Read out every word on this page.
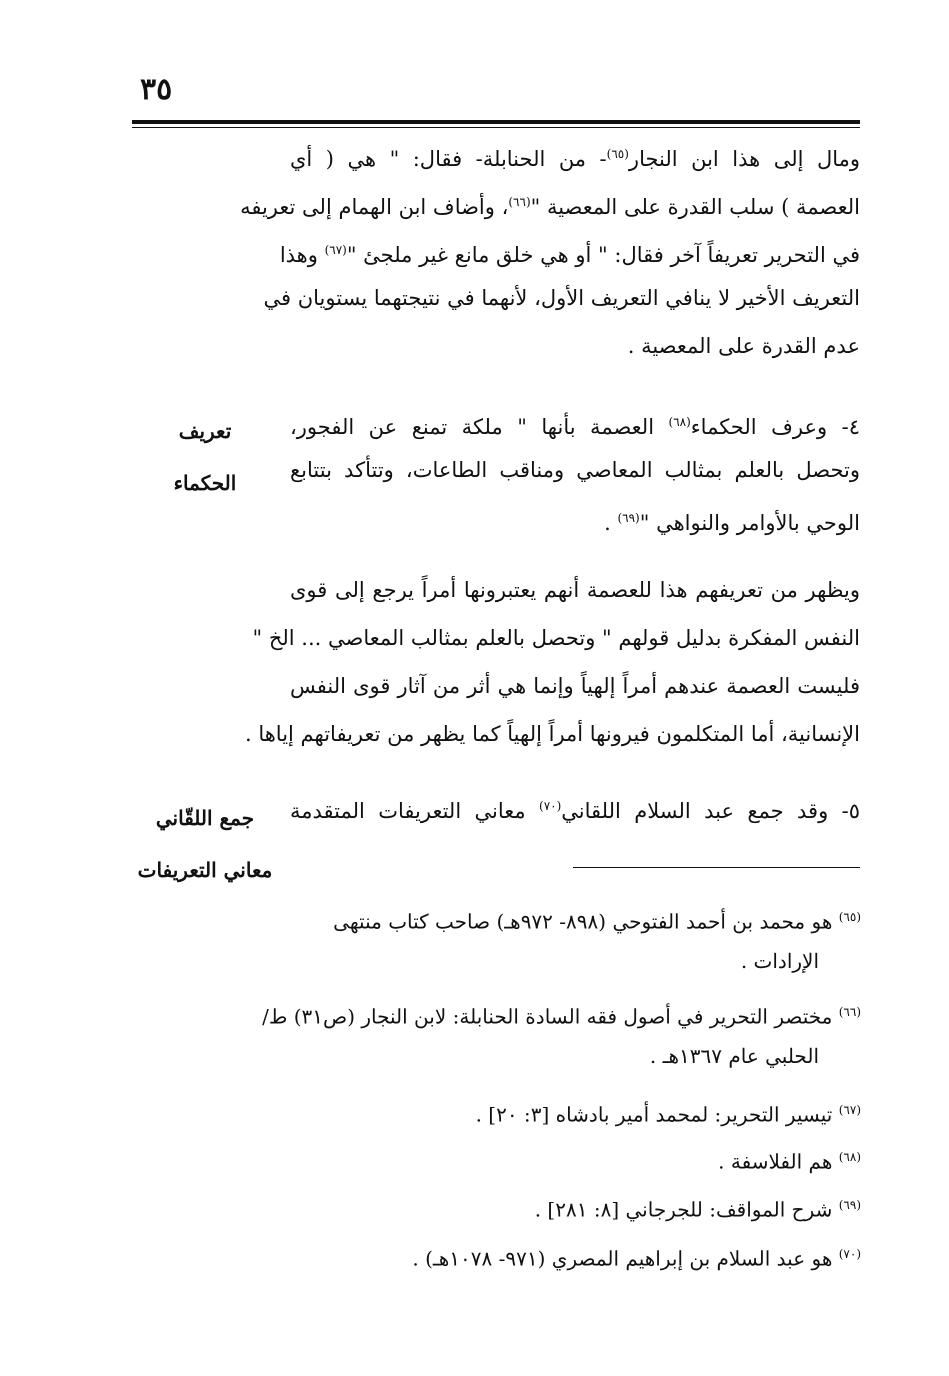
٣٥
ومال إلى هذا ابن النجار$^{(٦٥)}$- من الحنابلة- فقال: " هي ( أي
العصمة ) سلب القدرة على المعصية "$^{(٦٦)}$، وأضاف ابن الهمام إلى تعريفه
في التحرير تعريفاً آخر فقال: " أو هي خلق مانع غير ملجئ "$^{(٦٧)}$ وهذا
التعريف الأخير لا ينافي التعريف الأول، لأنهما في نتيجتهما يستويان في
عدم القدرة على المعصية .
تعريف
الحكماء
٤- وعرف الحكماء$^{(٦٨)}$ العصمة بأنها " ملكة تمنع عن الفجور،
وتحصل بالعلم بمثالب المعاصي ومناقب الطاعات، وتتأكد بتتابع
الوحي بالأوامر والنواهي "$^{(٦٩)}$ .
ويظهر من تعريفهم هذا للعصمة أنهم يعتبرونها أمراً يرجع إلى قوى
النفس المفكرة بدليل قولهم " وتحصل بالعلم بمثالب المعاصي ... الخ "
فليست العصمة عندهم أمراً إلهياً وإنما هي أثر من آثار قوى النفس
الإنسانية، أما المتكلمون فيرونها أمراً إلهياً كما يظهر من تعريفاتهم إياها .
جمع اللقّاني
معاني التعريفات
٥- وقد جمع عبد السلام اللقاني$^{(٧٠)}$ معاني التعريفات المتقدمة
$^{(٦٥)}$ هو محمد بن أحمد الفتوحي (٨٩٨- ٩٧٢هـ) صاحب كتاب منتهى
الإرادات .
$^{(٦٦)}$ مختصر التحرير في أصول فقه السادة الحنابلة: لابن النجار (ص٣١) ط/
الحلبي عام ١٣٦٧هـ .
$^{(٦٧)}$ تيسير التحرير: لمحمد أمير بادشاه [٣: ٢٠] .
$^{(٦٨)}$ هم الفلاسفة .
$^{(٦٩)}$ شرح المواقف: للجرجاني [٨: ٢٨١] .
$^{(٧٠)}$ هو عبد السلام بن إبراهيم المصري (٩٧١- ١٠٧٨هـ) .
